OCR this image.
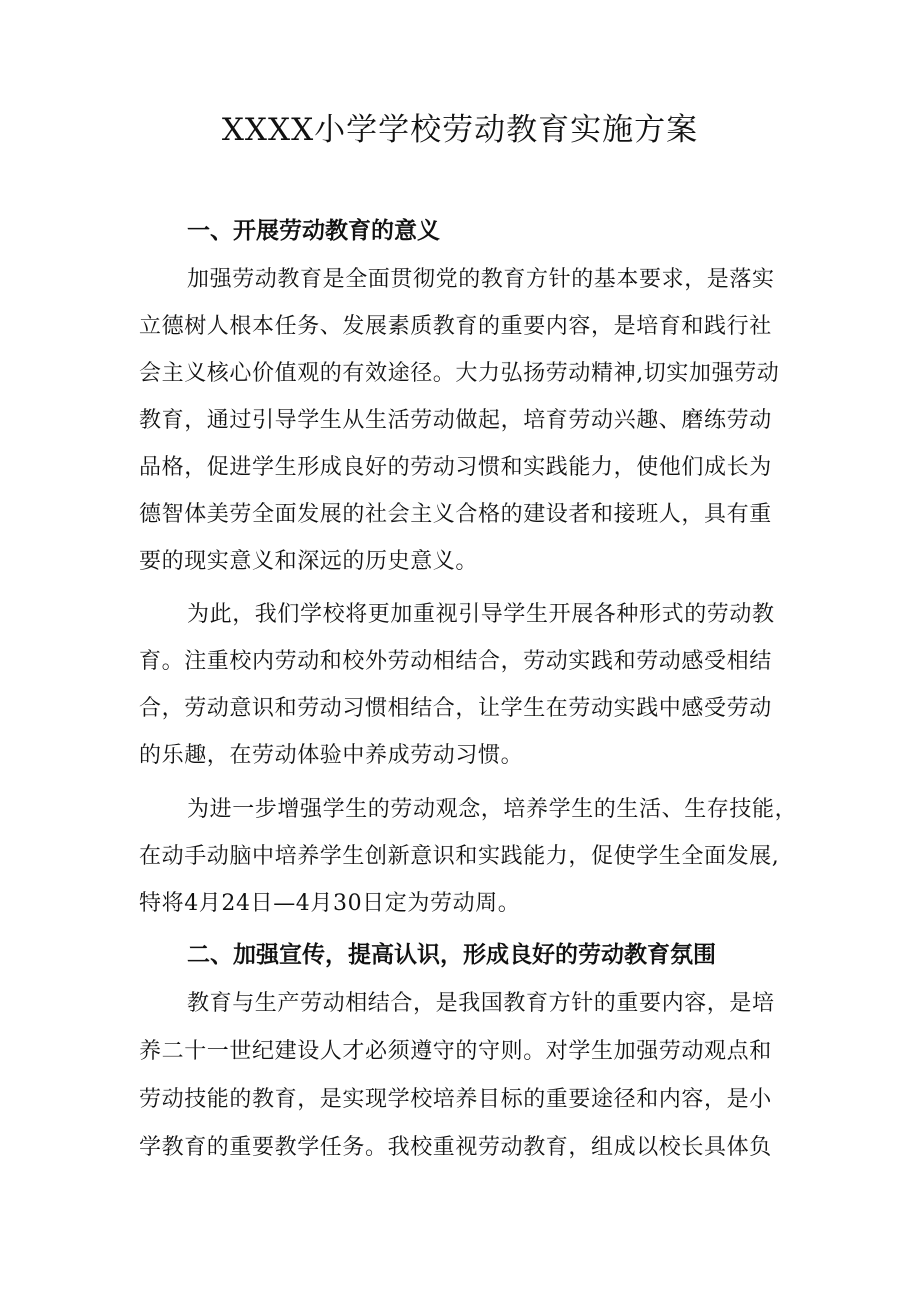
XXXX小学学校劳动教育实施方案
一、开展劳动教育的意义
加强劳动教育是全面贯彻党的教育方针的基本要求，是落实
立德树人根本任务、发展素质教育的重要内容，是培育和践行社
会主义核心价值观的有效途径。大力弘扬劳动精神,切实加强劳动
教育，通过引导学生从生活劳动做起，培育劳动兴趣、磨练劳动
品格，促进学生形成良好的劳动习惯和实践能力，使他们成长为
德智体美劳全面发展的社会主义合格的建设者和接班人，具有重
要的现实意义和深远的历史意义。
为此，我们学校将更加重视引导学生开展各种形式的劳动教
育。注重校内劳动和校外劳动相结合，劳动实践和劳动感受相结
合，劳动意识和劳动习惯相结合，让学生在劳动实践中感受劳动
的乐趣，在劳动体验中养成劳动习惯。
为进一步增强学生的劳动观念，培养学生的生活、生存技能，
在动手动脑中培养学生创新意识和实践能力，促使学生全面发展,
特将4月24日—4月30日定为劳动周。
二、加强宣传，提高认识，形成良好的劳动教育氛围
教育与生产劳动相结合，是我国教育方针的重要内容，是培
养二十一世纪建设人才必须遵守的守则。对学生加强劳动观点和
劳动技能的教育，是实现学校培养目标的重要途径和内容，是小
学教育的重要教学任务。我校重视劳动教育，组成以校长具体负
